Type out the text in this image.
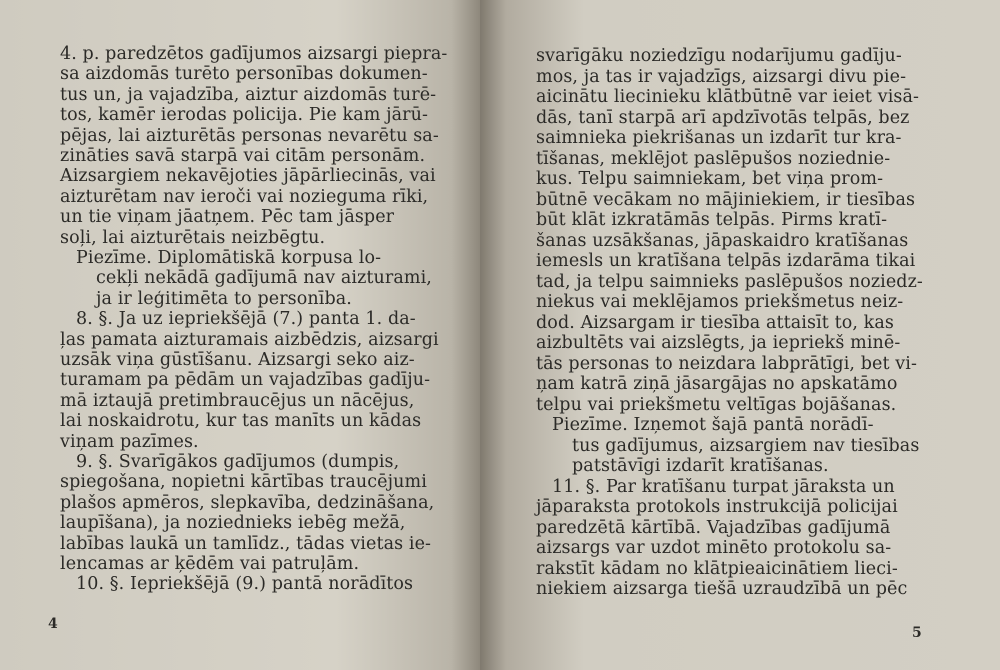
4. p. paredzētos gadījumos aizsargi piepra-
sa aizdomās turēto personības dokumen-
tus un, ja vajadzība, aiztur aizdomās turē-
tos, kamēr ierodas policija. Pie kam jārū-
pējas, lai aizturētās personas nevarētu sa-
zināties savā starpā vai citām personām.
Aizsargiem nekavējoties jāpārliecinās, vai
aizturētam nav ieroči vai nozieguma rīki,
un tie viņam jāatņem. Pēc tam jāsper
soļi, lai aizturētais neizbēgtu.
Piezīme. Diplomātiskā korpusa lo-
cekļi nekādā gadījumā nav aizturami,
ja ir leģitimēta to personība.
8. §. Ja uz iepriekšējā (7.) panta 1. da-
ļas pamata aizturamais aizbēdzis, aizsargi
uzsāk viņa gūstīšanu. Aizsargi seko aiz-
turamam pa pēdām un vajadzības gadīju-
mā iztaujā pretimbraucējus un nācējus,
lai noskaidrotu, kur tas manīts un kādas
viņam pazīmes.
9. §. Svarīgākos gadījumos (dumpis,
spiegošana, nopietni kārtības traucējumi
plašos apmēros, slepkavība, dedzināšana,
laupīšana), ja noziednieks iebēg mežā,
labības laukā un tamlīdz., tādas vietas ie-
lencamas ar ķēdēm vai patruļām.
10. §. Iepriekšējā (9.) pantā norādītos
4
svarīgāku noziedzīgu nodarījumu gadīju-
mos, ja tas ir vajadzīgs, aizsargi divu pie-
aicinātu liecinieku klātbūtnē var ieiet visā-
dās, tanī starpā arī apdzīvotās telpās, bez
saimnieka piekrišanas un izdarīt tur kra-
tīšanas, meklējot paslēpušos noziednie-
kus. Telpu saimniekam, bet viņa prom-
būtnē vecākam no mājiniekiem, ir tiesības
būt klāt izkratāmās telpās. Pirms kratī-
šanas uzsākšanas, jāpaskaidro kratīšanas
iemesls un kratīšana telpās izdarāma tikai
tad, ja telpu saimnieks paslēpušos noziedz-
niekus vai meklējamos priekšmetus neiz-
dod. Aizsargam ir tiesība attaisīt to, kas
aizbultēts vai aizslēgts, ja iepriekš minē-
tās personas to neizdara labprātīgi, bet vi-
ņam katrā ziņā jāsargājas no apskatāmo
telpu vai priekšmetu veltīgas bojāšanas.
Piezīme. Izņemot šajā pantā norādī-
tus gadījumus, aizsargiem nav tiesības
patstāvīgi izdarīt kratīšanas.
11. §. Par kratīšanu turpat jāraksta un
jāparaksta protokols instrukcijā policijai
paredzētā kārtībā. Vajadzības gadījumā
aizsargs var uzdot minēto protokolu sa-
rakstīt kādam no klātpieaicinātiem lieci-
niekiem aizsarga tiešā uzraudzībā un pēc
5
